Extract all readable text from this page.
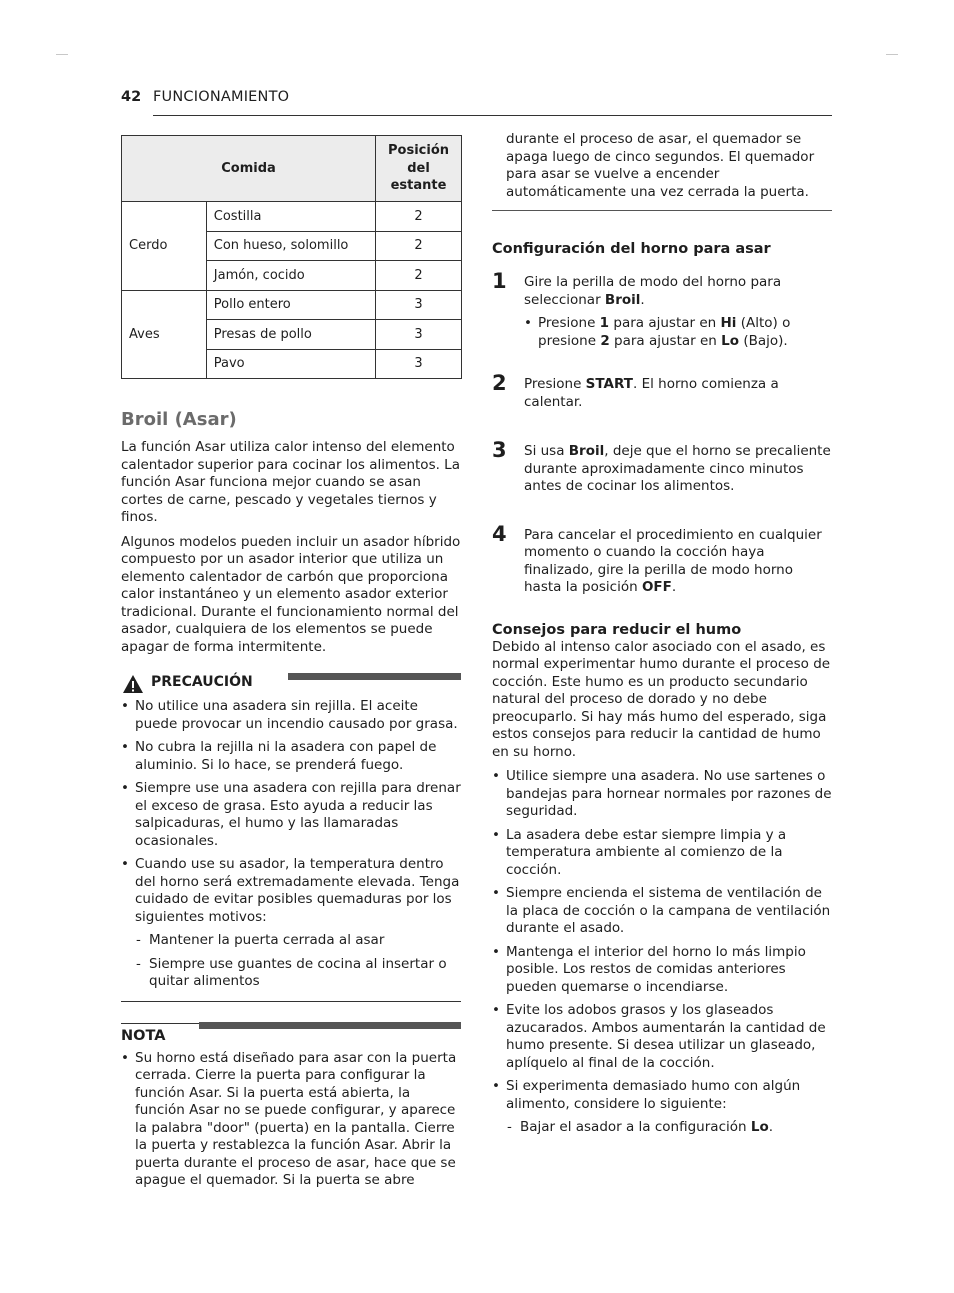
42 FUNCIONAMIENTO
Comida		Posición del estante
Cerdo	Costilla	2
	Con hueso, solomillo	2
	Jamón, cocido	2
Aves	Pollo entero	3
	Presas de pollo	3
	Pavo	3
Broil (Asar)

La función Asar utiliza calor intenso del elemento calentador superior para cocinar los alimentos. La función Asar funciona mejor cuando se asan cortes de carne, pescado y vegetales tiernos y finos.

Algunos modelos pueden incluir un asador híbrido compuesto por un asador interior que utiliza un elemento calentador de carbón que proporciona calor instantáneo y un elemento asador exterior tradicional. Durante el funcionamiento normal del asador, cualquiera de los elementos se puede apagar de forma intermitente.

PRECAUCIÓN
• No utilice una asadera sin rejilla. El aceite puede provocar un incendio causado por grasa.
• No cubra la rejilla ni la asadera con papel de aluminio. Si lo hace, se prenderá fuego.
• Siempre use una asadera con rejilla para drenar el exceso de grasa. Esto ayuda a reducir las salpicaduras, el humo y las llamaradas ocasionales.
• Cuando use su asador, la temperatura dentro del horno será extremadamente elevada. Tenga cuidado de evitar posibles quemaduras por los siguientes motivos:
- Mantener la puerta cerrada al asar
- Siempre use guantes de cocina al insertar o quitar alimentos
NOTA
• Su horno está diseñado para asar con la puerta cerrada. Cierre la puerta para configurar la función Asar. Si la puerta está abierta, la función Asar no se puede configurar, y aparece la palabra "door" (puerta) en la pantalla. Cierre la puerta y restablezca la función Asar. Abrir la puerta durante el proceso de asar, hace que se apague el quemador. Si la puerta se abre
durante el proceso de asar, el quemador se apaga luego de cinco segundos. El quemador para asar se vuelve a encender automáticamente una vez cerrada la puerta.
Configuración del horno para asar
1 Gire la perilla de modo del horno para seleccionar Broil.
• Presione 1 para ajustar en Hi (Alto) o presione 2 para ajustar en Lo (Bajo).
2 Presione START. El horno comienza a calentar.
3 Si usa Broil, deje que el horno se precaliente durante aproximadamente cinco minutos antes de cocinar los alimentos.
4 Para cancelar el procedimiento en cualquier momento o cuando la cocción haya finalizado, gire la perilla de modo horno hasta la posición OFF.
Consejos para reducir el humo

Debido al intenso calor asociado con el asado, es normal experimentar humo durante el proceso de cocción. Este humo es un producto secundario natural del proceso de dorado y no debe preocuparlo. Si hay más humo del esperado, siga estos consejos para reducir la cantidad de humo en su horno.

• Utilice siempre una asadera. No use sartenes o bandejas para hornear normales por razones de seguridad.
• La asadera debe estar siempre limpia y a temperatura ambiente al comienzo de la cocción.
• Siempre encienda el sistema de ventilación de la placa de cocción o la campana de ventilación durante el asado.
• Mantenga el interior del horno lo más limpio posible. Los restos de comidas anteriores pueden quemarse o incendiarse.
• Evite los adobos grasos y los glaseados azucarados. Ambos aumentarán la cantidad de humo presente. Si desea utilizar un glaseado, aplíquelo al final de la cocción.
• Si experimenta demasiado humo con algún alimento, considere lo siguiente:
- Bajar el asador a la configuración Lo.
